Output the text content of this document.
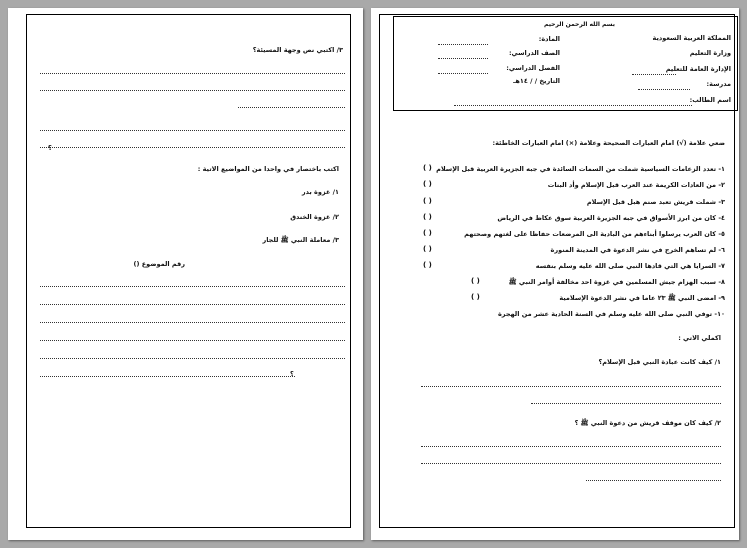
٣/ اكتبي نص وجهة المسيئة؟
؟
اكتب باختصار في واحدا من المواضيع الاتية :
١/ غزوة بدر
٢/ غزوة الخندق
٣/ معاملة النبي ﷺ للجار
رقم الموضوع ()
؟
بسم الله الرحمن الرحيم
المملكة العربية السعودية
وزارة التعليم
الإدارة العامة للتعليم
مدرسة:
المادة:
الصف الدراسي:
الفصل الدراسي:
التاريخ / / ١٤هـ
اسم الطالب:
ضعي علامة (√) امام العبارات الصحيحة وعلامة (×) امام العبارات الخاطئة:
١- تعدد الزعامات السياسية شملت من السمات السائدة في جبه الجزيرة العربية قبل الإسلام
( )
٢- من العادات الكريمة عند العرب قبل الإسلام وأد البنات
( )
٣- شملت قريش تعبد صنم هبل قبل الإسلام
( )
٤- كان من ابرز الأسواق في جبه الجزيرة العربية سوق عكاظ في الرياض
( )
٥- كان العرب يرسلوا أبناءهم من البادية الى المرضعات حفاظا على لغتهم وصحتهم
( )
٦- لم تساهم الخرج في نشر الدعوة في المدينة المنورة
( )
٧- السرايا هي التي قادها النبي صلى الله عليه وسلم بنفسه
( )
٨- سبب الهزام جيش المسلمين في غزوة احد مخالفة أوامر النبي ﷺ
( )
٩- امضى النبي ﷺ ٢٣ عاما في نشر الدعوة الإسلامية
( )
١٠- توفي النبي صلى الله عليه وسلم في السنة الحادية عشر من الهجرة
اكملي الاتي :
١/ كيف كانت عبادة النبي قبل الإسلام؟
٢/ كيف كان موقف قريش من دعوة النبي ﷺ ؟
